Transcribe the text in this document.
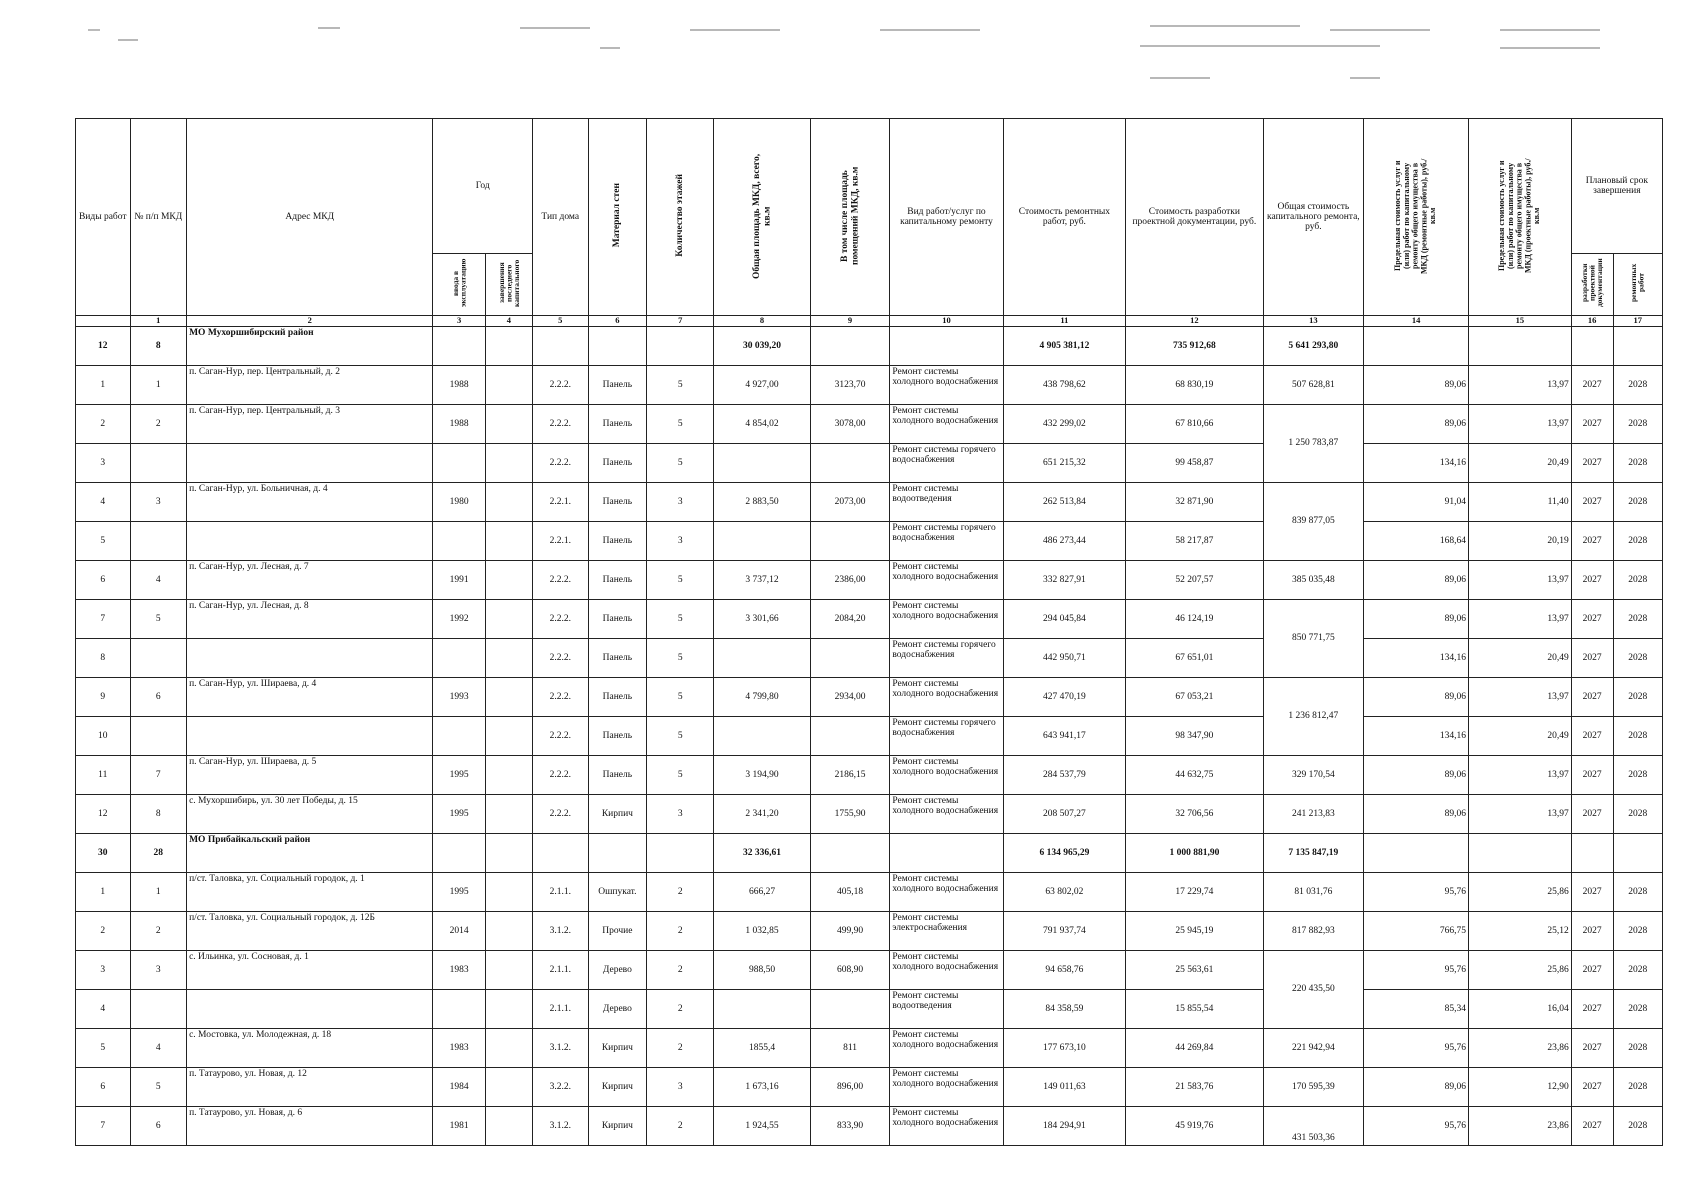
Виды работ	№ п/п МКД	Адрес МКД	Год		Тип дома	Материал стен	Количество этажей	Общая площадь МКД, всего, кв.м	В том числе площадь помещений МКД, кв.м	Вид работ/услуг по капитальному ремонту	Стоимость ремонтных работ, руб.	Стоимость разработки проектной документации, руб.	Общая стоимость капитального ремонта, руб.	Предельная стоимость услуг и (или) работ по капитальному ремонту общего имущества в МКД (ремонтные работы), руб./кв.м	Предельная стоимость услуг и (или) работ по капитальному ремонту общего имущества в МКД (проектные работы), руб./кв.м	Плановый срок завершения	
			ввода в эксплуатацию	завершения последнего капитального												разработки проектной документации	ремонтных работ
	1	2	3	4	5	6	7	8	9	10	11	12	13	14	15	16	17
12	8	МО Мухоршибирский район						30 039,20			4 905 381,12	735 912,68	5 641 293,80				
1	1	п. Саган-Нур, пер. Центральный, д. 2	1988		2.2.2.	Панель	5	4 927,00	3123,70	Ремонт системы холодного водоснабжения	438 798,62	68 830,19	507 628,81	89,06	13,97	2027	2028
2	2	п. Саган-Нур, пер. Центральный, д. 3	1988		2.2.2.	Панель	5	4 854,02	3078,00	Ремонт системы холодного водоснабжения	432 299,02	67 810,66	1 250 783,87	89,06	13,97	2027	2028
3					2.2.2.	Панель	5			Ремонт системы горячего водоснабжения	651 215,32	99 458,87		134,16	20,49	2027	2028
4	3	п. Саган-Нур, ул. Больничная, д. 4	1980		2.2.1.	Панель	3	2 883,50	2073,00	Ремонт системы водоотведения	262 513,84	32 871,90	839 877,05	91,04	11,40	2027	2028
5					2.2.1.	Панель	3			Ремонт системы горячего водоснабжения	486 273,44	58 217,87		168,64	20,19	2027	2028
6	4	п. Саган-Нур, ул. Лесная, д. 7	1991		2.2.2.	Панель	5	3 737,12	2386,00	Ремонт системы холодного водоснабжения	332 827,91	52 207,57	385 035,48	89,06	13,97	2027	2028
7	5	п. Саган-Нур, ул. Лесная, д. 8	1992		2.2.2.	Панель	5	3 301,66	2084,20	Ремонт системы холодного водоснабжения	294 045,84	46 124,19	850 771,75	89,06	13,97	2027	2028
8					2.2.2.	Панель	5			Ремонт системы горячего водоснабжения	442 950,71	67 651,01		134,16	20,49	2027	2028
9	6	п. Саган-Нур, ул. Шираева, д. 4	1993		2.2.2.	Панель	5	4 799,80	2934,00	Ремонт системы холодного водоснабжения	427 470,19	67 053,21	1 236 812,47	89,06	13,97	2027	2028
10					2.2.2.	Панель	5			Ремонт системы горячего водоснабжения	643 941,17	98 347,90		134,16	20,49	2027	2028
11	7	п. Саган-Нур, ул. Шираева, д. 5	1995		2.2.2.	Панель	5	3 194,90	2186,15	Ремонт системы холодного водоснабжения	284 537,79	44 632,75	329 170,54	89,06	13,97	2027	2028
12	8	с. Мухоршибирь, ул. 30 лет Победы, д. 15	1995		2.2.2.	Кирпич	3	2 341,20	1755,90	Ремонт системы холодного водоснабжения	208 507,27	32 706,56	241 213,83	89,06	13,97	2027	2028
30	28	МО Прибайкальский район						32 336,61			6 134 965,29	1 000 881,90	7 135 847,19				
1	1	п/ст. Таловка, ул. Социальный городок, д. 1	1995		2.1.1.	Ошпукат.	2	666,27	405,18	Ремонт системы холодного водоснабжения	63 802,02	17 229,74	81 031,76	95,76	25,86	2027	2028
2	2	п/ст. Таловка, ул. Социальный городок, д. 12Б	2014		3.1.2.	Прочие	2	1 032,85	499,90	Ремонт системы электроснабжения	791 937,74	25 945,19	817 882,93	766,75	25,12	2027	2028
3	3	с. Ильинка, ул. Сосновая, д. 1	1983		2.1.1.	Дерево	2	988,50	608,90	Ремонт системы холодного водоснабжения	94 658,76	25 563,61	220 435,50	95,76	25,86	2027	2028
4					2.1.1.	Дерево	2			Ремонт системы водоотведения	84 358,59	15 855,54		85,34	16,04	2027	2028
5	4	с. Мостовка, ул. Молодежная, д. 18	1983		3.1.2.	Кирпич	2	1855,4	811	Ремонт системы холодного водоснабжения	177 673,10	44 269,84	221 942,94	95,76	23,86	2027	2028
6	5	п. Татаурово, ул. Новая, д. 12	1984		3.2.2.	Кирпич	3	1 673,16	896,00	Ремонт системы холодного водоснабжения	149 011,63	21 583,76	170 595,39	89,06	12,90	2027	2028
7	6	п. Татаурово, ул. Новая, д. 6	1981		3.1.2.	Кирпич	2	1 924,55	833,90	Ремонт системы холодного водоснабжения	184 294,91	45 919,76	431 503,36	95,76	23,86	2027	2028
